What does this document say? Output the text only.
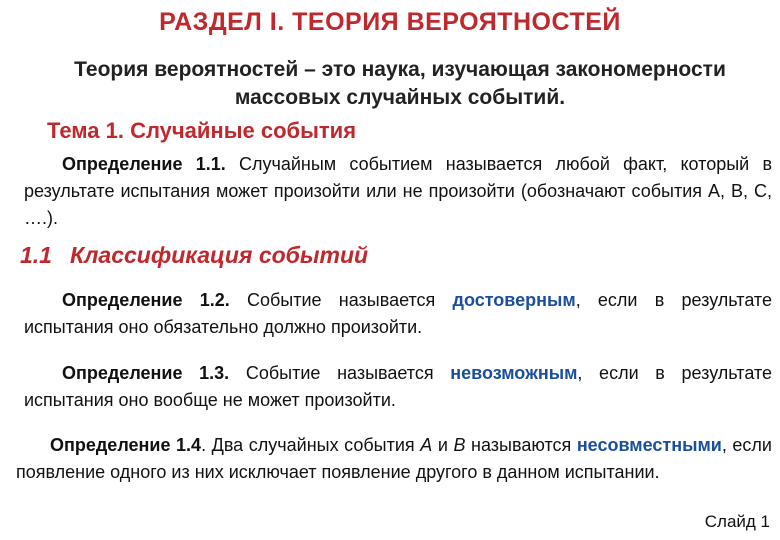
РАЗДЕЛ I. ТЕОРИЯ ВЕРОЯТНОСТЕЙ
Теория вероятностей – это наука, изучающая закономерности массовых случайных событий.
Тема 1. Случайные события
Определение 1.1. Случайным событием называется любой факт, который в результате испытания может произойти или не произойти (обозначают события A, B, C, ….).
1.1 Классификация событий
Определение 1.2. Событие называется достоверным, если в результате испытания оно обязательно должно произойти.
Определение 1.3. Событие называется невозможным, если в результате испытания оно вообще не может произойти.
Определение 1.4. Два случайных события A и B называются несовместными, если появление одного из них исключает появление другого в данном испытании.
Слайд 1
